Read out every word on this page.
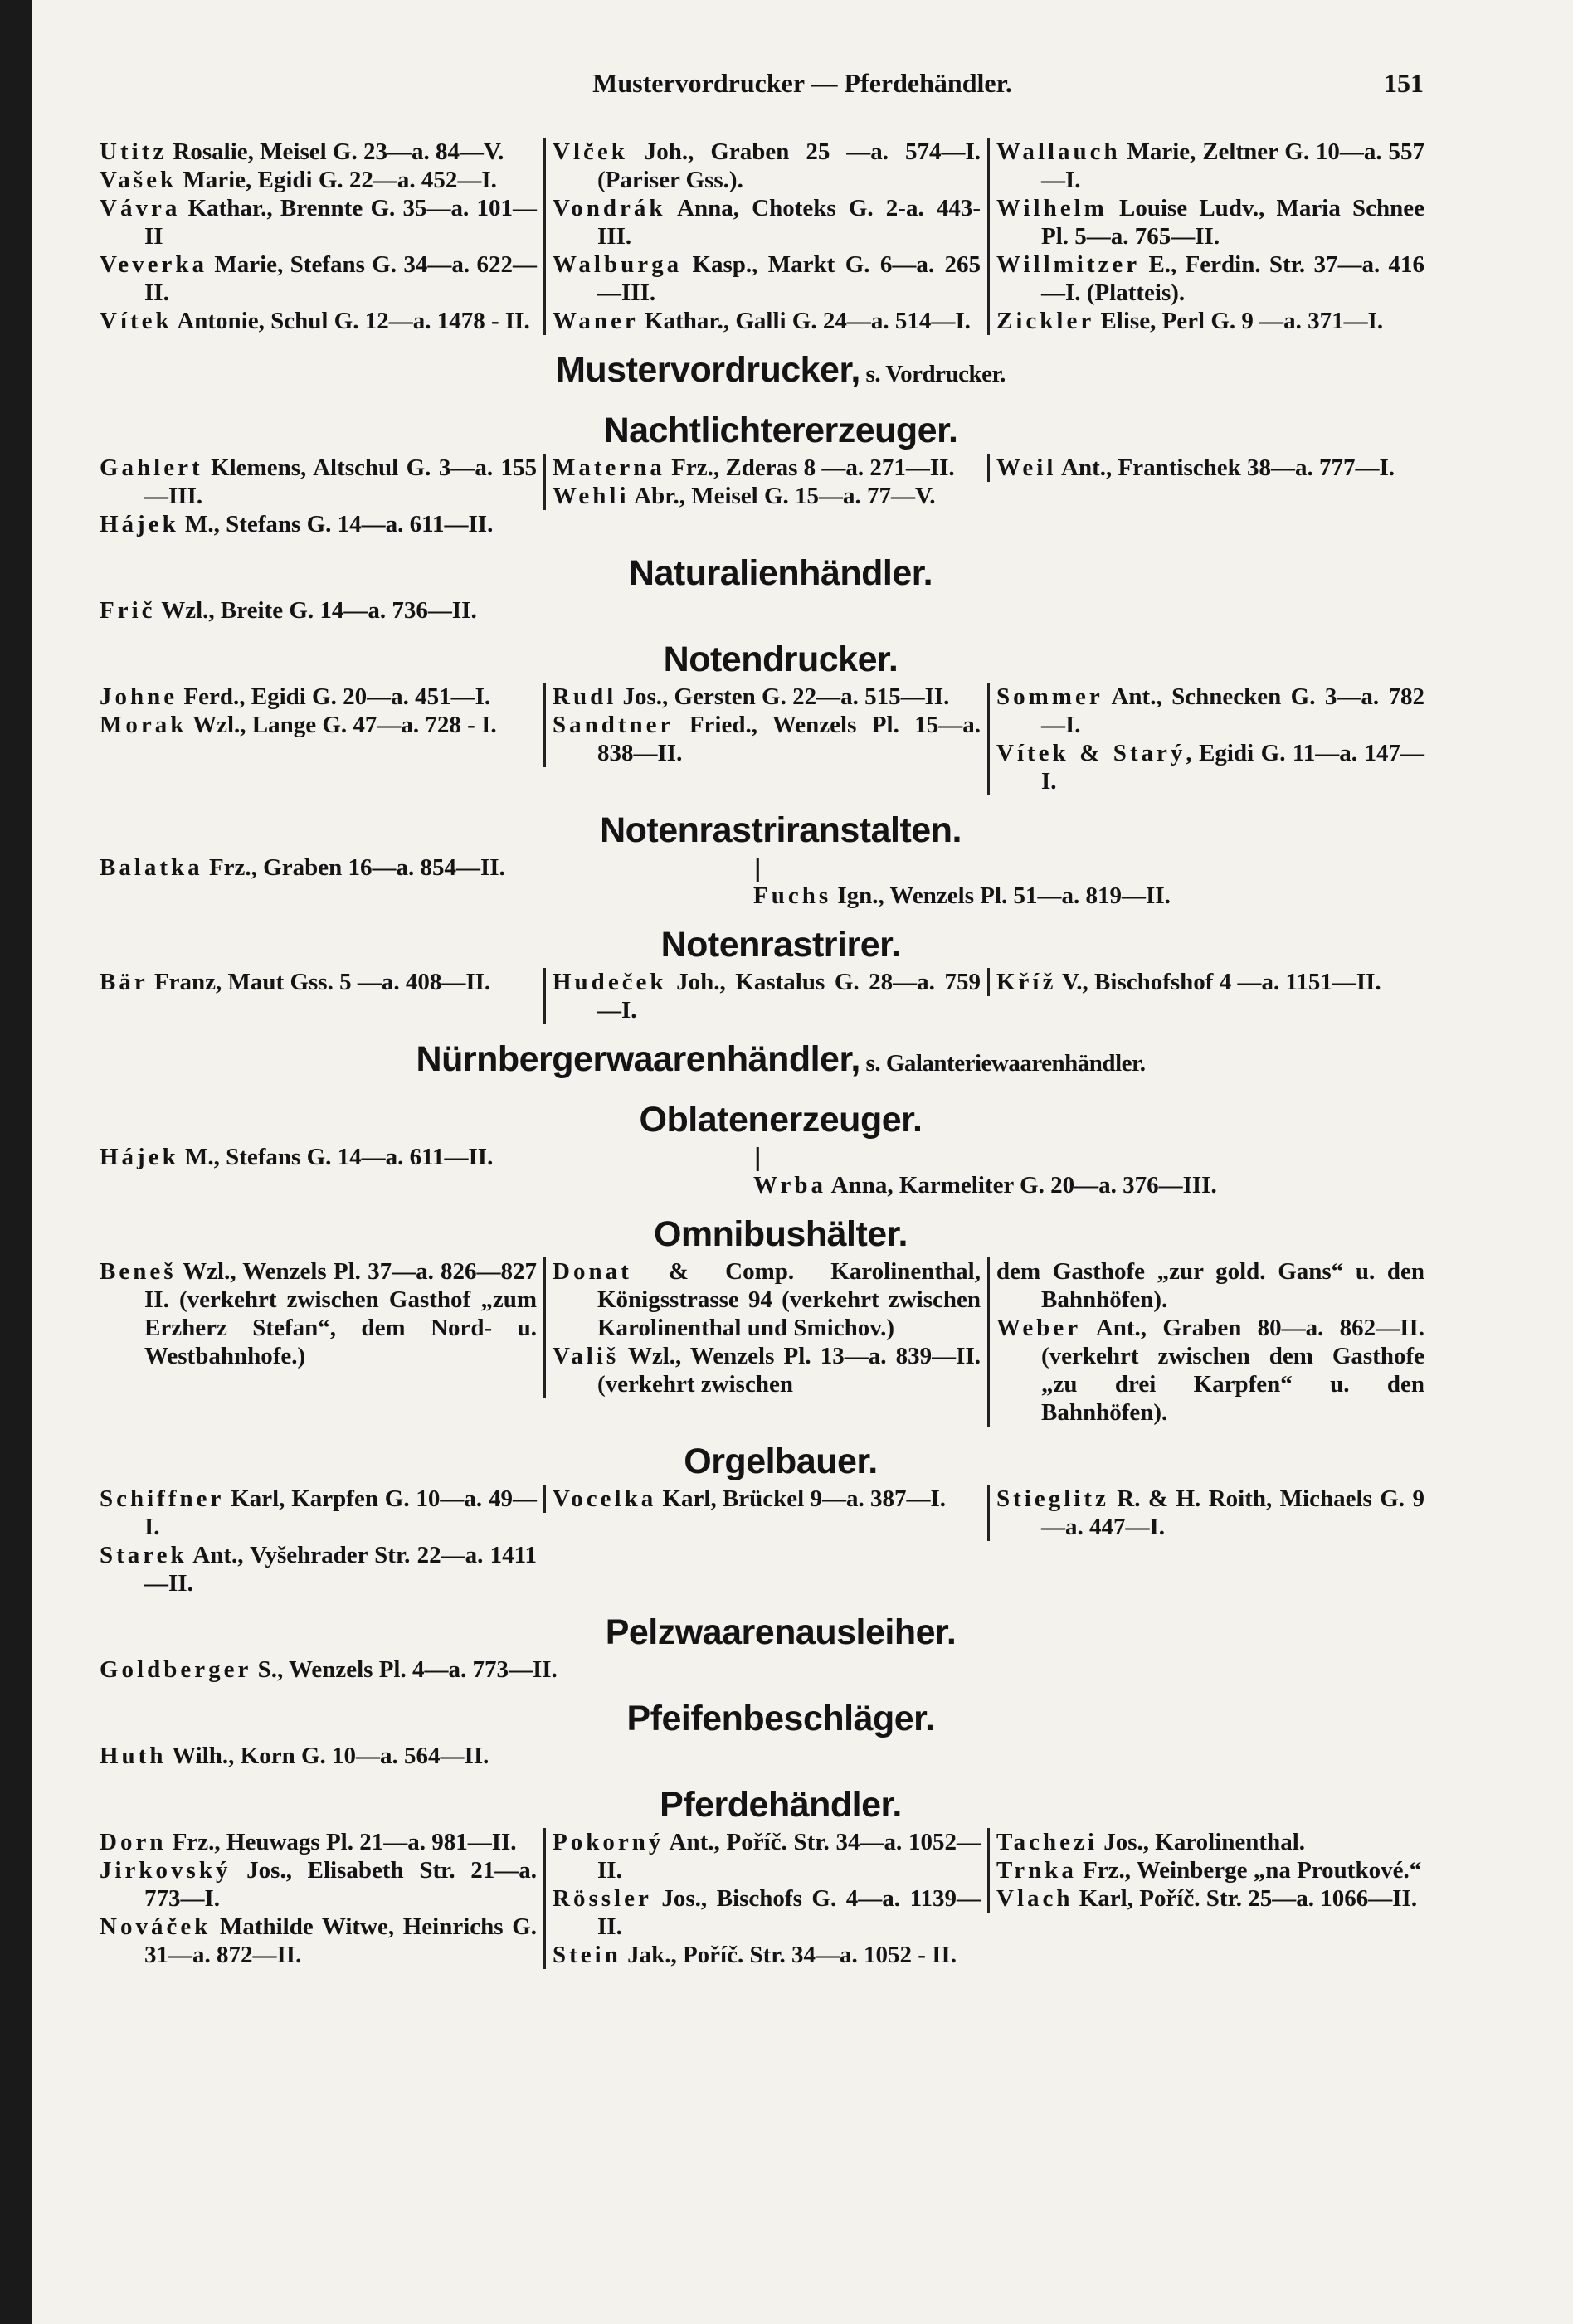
Mustervordrucker — Pferdehändler.	151

Utitz Rosalie, Meisel G. 23—a. 84—V.

Vašek Marie, Egidi G. 22—a. 452—I.

Vávra Kathar., Brennte G. 35—a. 101—II

Veverka Marie, Stefans G. 34—a. 622—II.

Vítek Antonie, Schul G. 12—a. 1478 - II.

Vlček Joh., Graben 25 —a. 574—I. (Pariser Gss.).

Vondrák Anna, Choteks G. 2-a. 443- III.

Walburga Kasp., Markt G. 6—a. 265—III.

Waner Kathar., Galli G. 24—a. 514—I.

Wallauch Marie, Zeltner G. 10—a. 557—I.

Wilhelm Louise Ludv., Maria Schnee Pl. 5—a. 765—II.

Willmitzer E., Ferdin. Str. 37—a. 416—I. (Platteis).

Zickler Elise, Perl G. 9 —a. 371—I.

Mustervordrucker, s. Vordrucker.
Nachtlichtererzeuger.

Gahlert Klemens, Altschul G. 3—a. 155—III.

Hájek M., Stefans G. 14—a. 611—II.

Materna Frz., Zderas 8 —a. 271—II.

Wehli Abr., Meisel G. 15—a. 77—V.

Weil Ant., Frantischek 38—a. 777—I.

Naturalienhändler.

Frič Wzl., Breite G. 14—a. 736—II.

Notendrucker.

Johne Ferd., Egidi G. 20—a. 451—I.

Morak Wzl., Lange G. 47—a. 728 - I.

Rudl Jos., Gersten G. 22—a. 515—II.

Sandtner Fried., Wenzels Pl. 15—a. 838—II.

Sommer Ant., Schnecken G. 3—a. 782—I.

Vítek & Starý, Egidi G. 11—a. 147—I.

Notenrastriranstalten.

Balatka Frz., Graben 16—a. 854—II.	|

Fuchs Ign., Wenzels Pl. 51—a. 819—II.

Notenrastrirer.

Bär Franz, Maut Gss. 5 —a. 408—II.	Hudeček Joh., Kastalus G. 28—a. 759—I.

Kříž V., Bischofshof 4 —a. 1151—II.

Nürnbergerwaarenhändler, s. Galanteriewaarenhändler.
Oblatenerzeuger.

Hájek M., Stefans G. 14—a. 611—II.	|

Wrba Anna, Karmeliter G. 20—a. 376—III.

Omnibushälter.

Beneš Wzl., Wenzels Pl. 37—a. 826—827 II. (verkehrt zwischen Gasthof „zum Erzherz Stefan“, dem Nord- u. Westbahnhofe.)

Donat & Comp. Karolinenthal, Königsstrasse 94 (verkehrt zwischen Karolinenthal und Smichov.)

Vališ Wzl., Wenzels Pl. 13—a. 839—II. (verkehrt zwischen

dem Gasthofe „zur gold. Gans“ u. den Bahnhöfen).

Weber Ant., Graben 80—a. 862—II. (verkehrt zwischen dem Gasthofe „zu drei Karpfen“ u. den Bahnhöfen).

Orgelbauer.

Schiffner Karl, Karpfen G. 10—a. 49—I.

Starek Ant., Vyšehrader Str. 22—a. 1411—II.

Vocelka Karl, Brückel 9—a. 387—I.	Stieglitz R. & H. Roith, Michaels G. 9—a. 447—I.

Pelzwaarenausleiher.

Goldberger S., Wenzels Pl. 4—a. 773—II.

Pfeifenbeschläger.

Huth Wilh., Korn G. 10—a. 564—II.

Pferdehändler.

Dorn Frz., Heuwags Pl. 21—a. 981—II.

Jirkovský Jos., Elisabeth Str. 21—a. 773—I.

Nováček Mathilde Witwe, Heinrichs G. 31—a. 872—II.

Pokorný Ant., Poříč. Str. 34—a. 1052—II.

Rössler Jos., Bischofs G. 4—a. 1139—II.

Stein Jak., Poříč. Str. 34—a. 1052 - II.

Tachezi Jos., Karolinenthal.

Trnka Frz., Weinberge „na Proutkové.“

Vlach Karl, Poříč. Str. 25—a. 1066—II.
